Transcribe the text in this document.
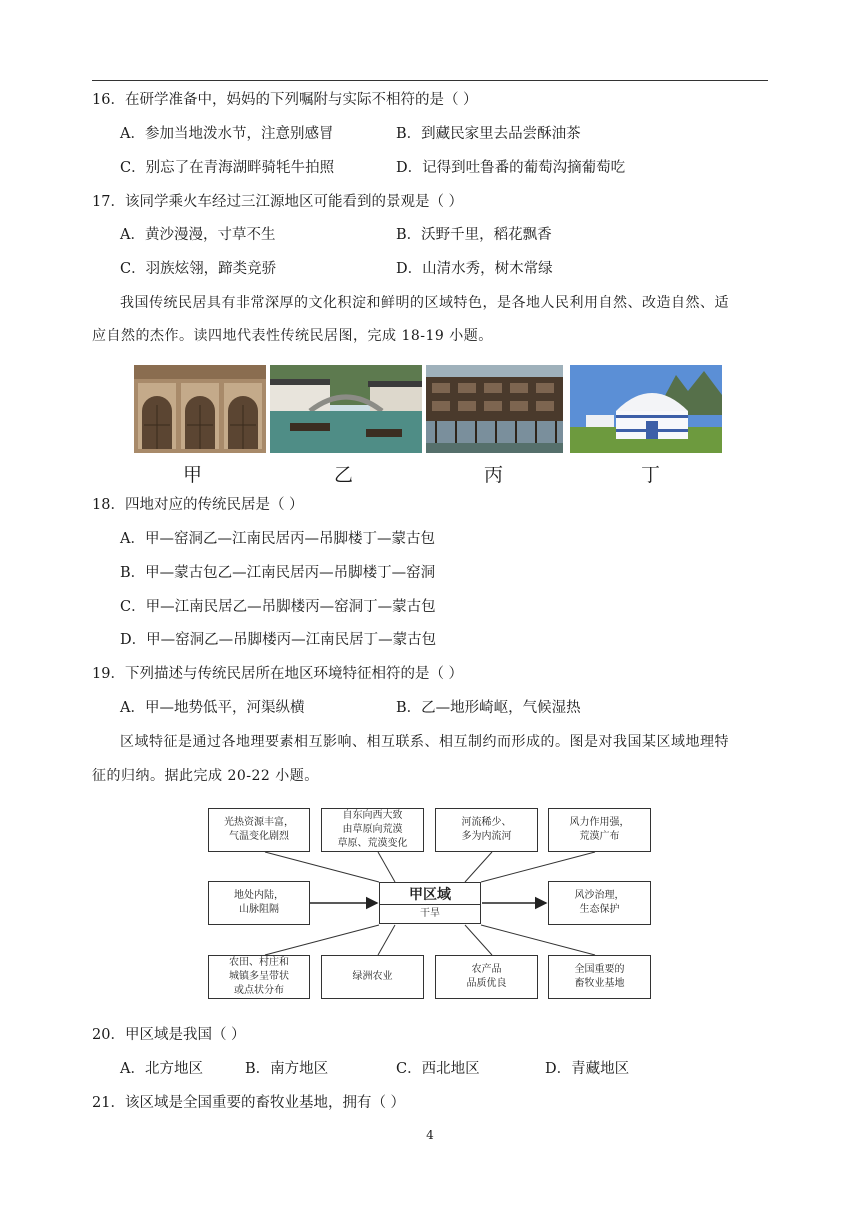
16．在研学准备中，妈妈的下列嘱附与实际不相符的是（ ）
A．参加当地泼水节，注意别感冒	B．到藏民家里去品尝酥油茶
C．别忘了在青海湖畔骑牦牛拍照	D．记得到吐鲁番的葡萄沟摘葡萄吃
17．该同学乘火车经过三江源地区可能看到的景观是（ ）
A．黄沙漫漫，寸草不生	B．沃野千里，稻花飘香
C．羽族炫翎，蹄类竞骄	D．山清水秀，树木常绿
我国传统民居具有非常深厚的文化积淀和鲜明的区域特色，是各地人民利用自然、改造自然、适
应自然的杰作。读四地代表性传统民居图，完成 18-19 小题。
甲	乙	丙	丁
18．四地对应的传统民居是（ ）
A．甲—窑洞乙—江南民居丙—吊脚楼丁—蒙古包
B．甲—蒙古包乙—江南民居丙—吊脚楼丁—窑洞
C．甲—江南民居乙—吊脚楼丙—窑洞丁—蒙古包
D．甲—窑洞乙—吊脚楼丙—江南民居丁—蒙古包
19．下列描述与传统民居所在地区环境特征相符的是（ ）
A．甲—地势低平，河渠纵横	B．乙—地形崎岖，气候湿热
区域特征是通过各地理要素相互影响、相互联系、相互制约而形成的。图是对我国某区域地理特
征的归纳。据此完成 20-22 小题。
光热资源丰富，
气温变化剧烈
自东向西大致
由草原向荒漠
草原、荒漠变化
河流稀少、
多为内流河
风力作用强，
荒漠广布
地处内陆，
山脉阻隔
甲区域
干旱
风沙治理，
生态保护
农田、村庄和
城镇多呈带状
或点状分布
绿洲农业
农产品
品质优良
全国重要的
畜牧业基地
20．甲区域是我国（ ）
A．北方地区	B．南方地区	C．西北地区	D．青藏地区
21．该区域是全国重要的畜牧业基地，拥有（ ）
4
